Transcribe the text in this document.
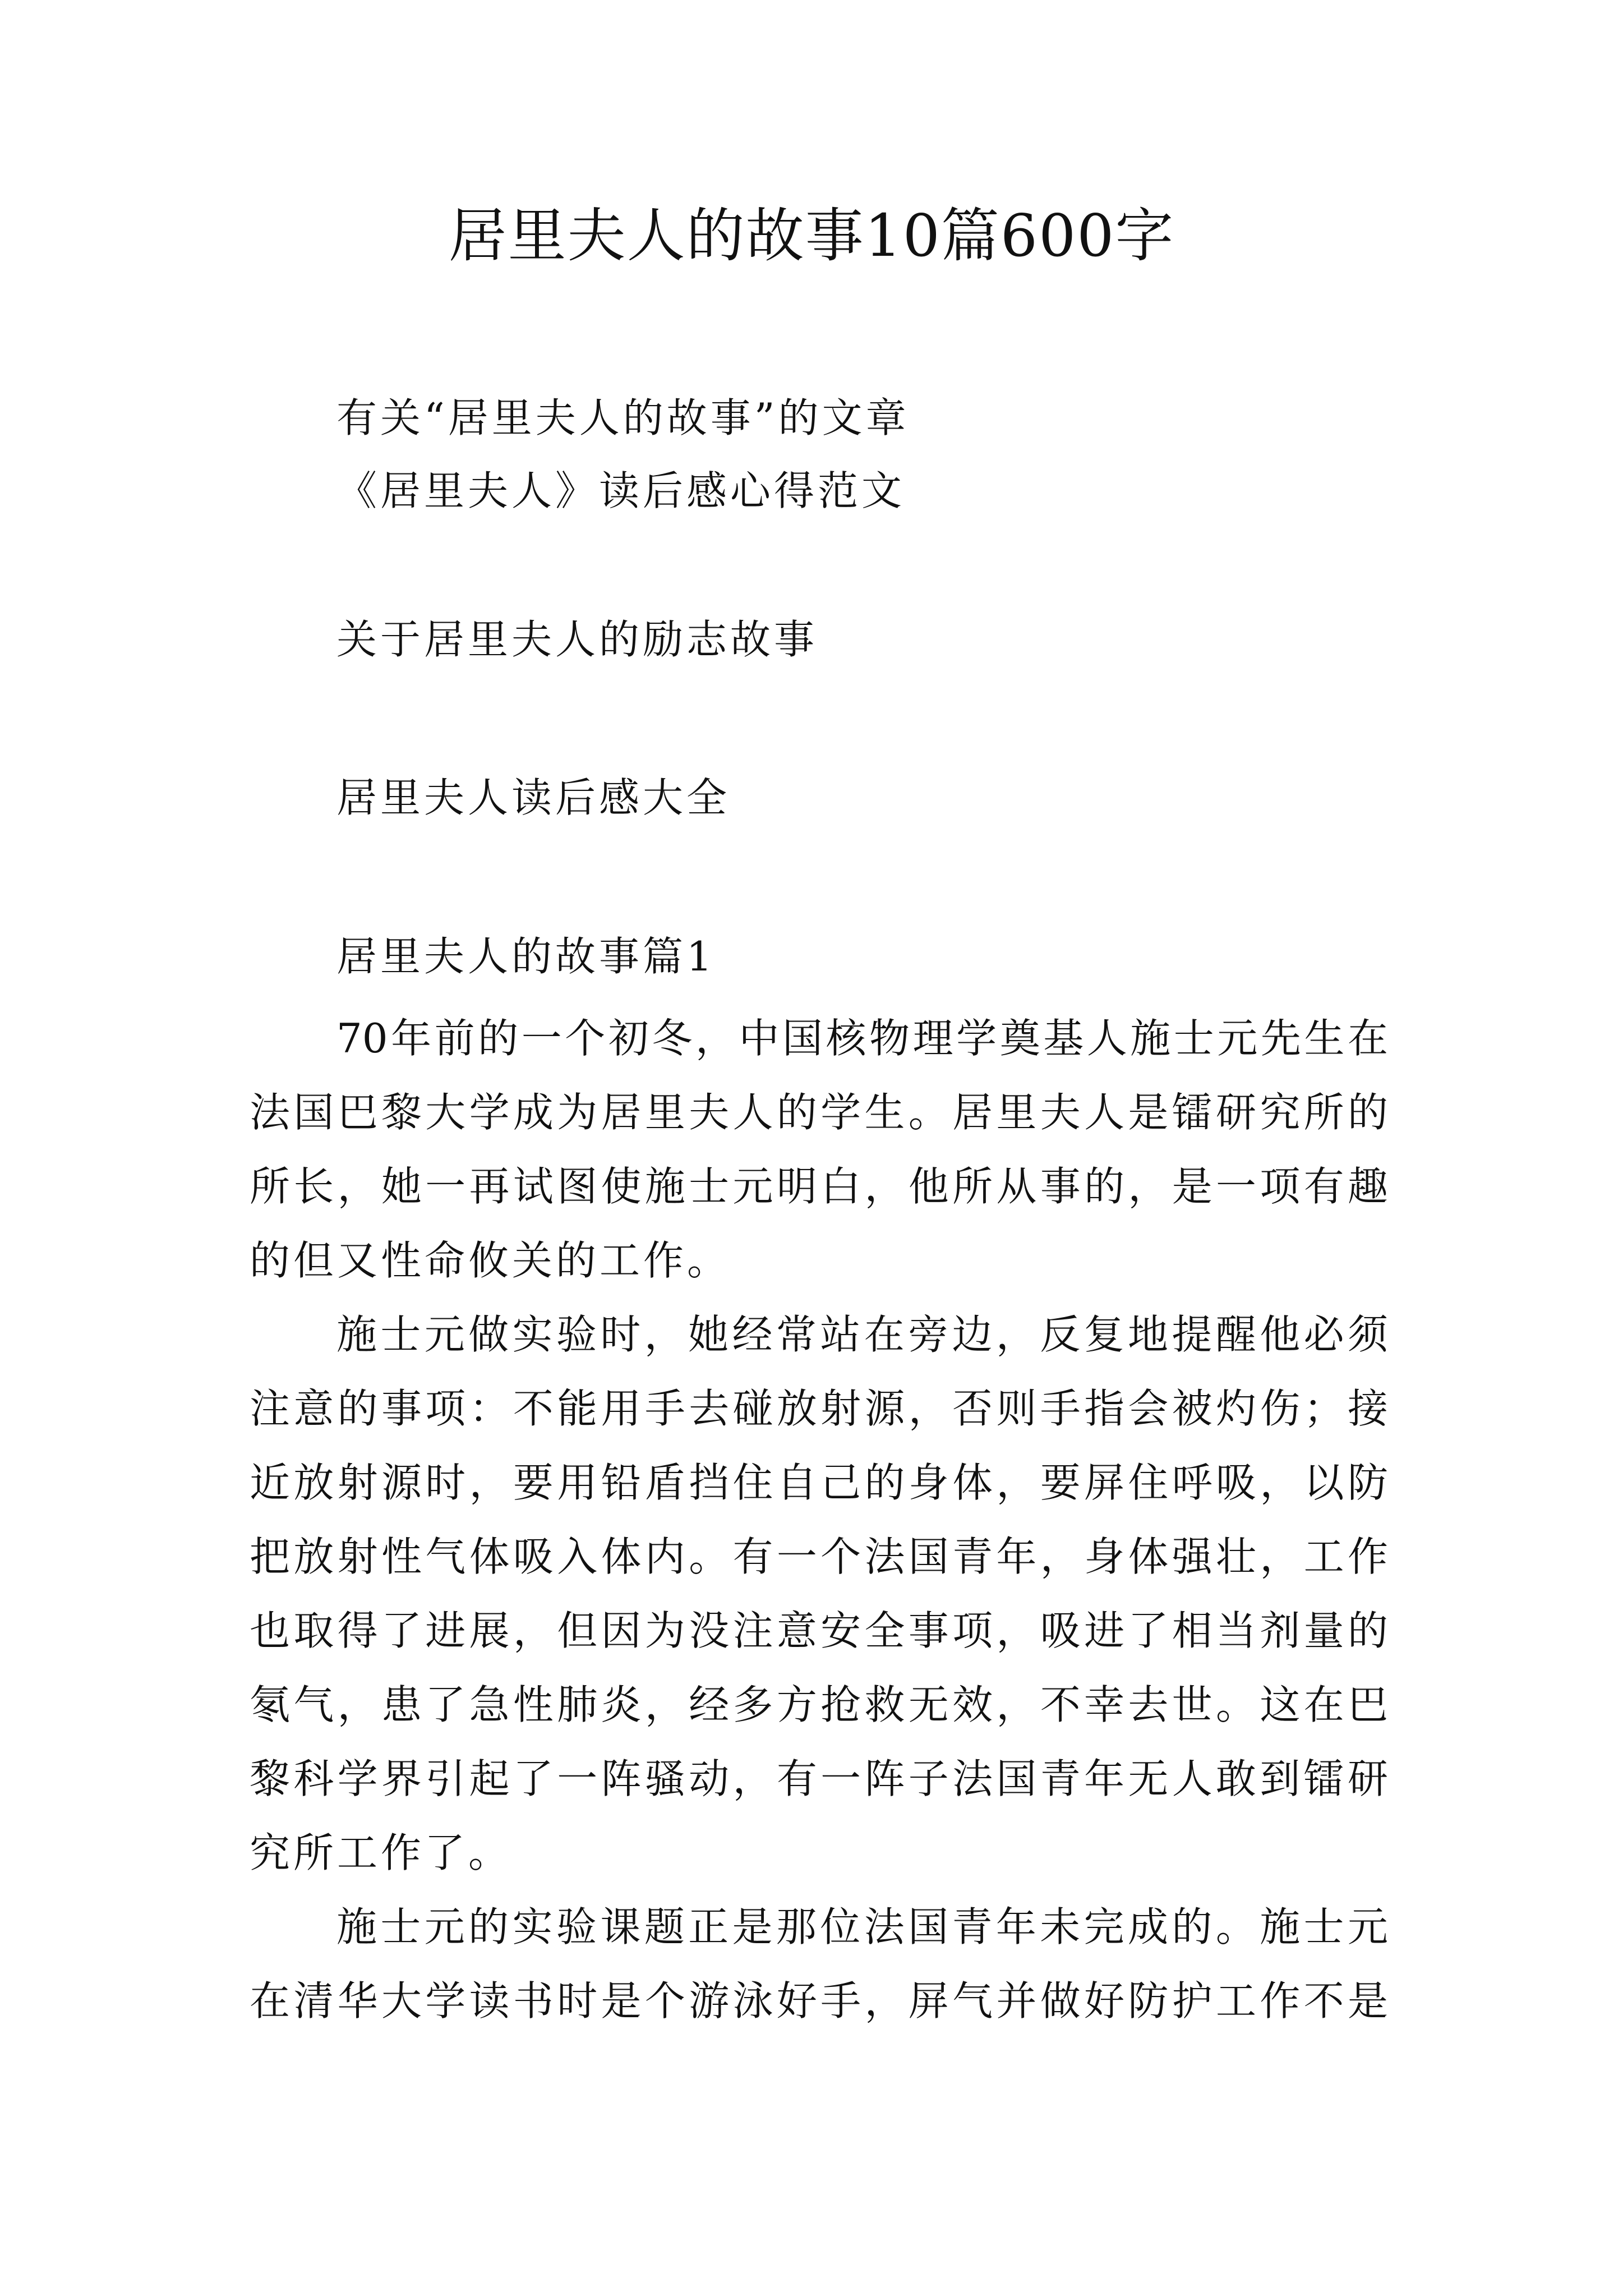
居里夫人的故事10篇600字
有关“居里夫人的故事”的文章
《居里夫人》读后感心得范文
关于居里夫人的励志故事
居里夫人读后感大全
居里夫人的故事篇1
70年前的一个初冬，中国核物理学奠基人施士元先生在
法国巴黎大学成为居里夫人的学生。居里夫人是镭研究所的
所长，她一再试图使施士元明白，他所从事的，是一项有趣
的但又性命攸关的工作。
施士元做实验时，她经常站在旁边，反复地提醒他必须
注意的事项：不能用手去碰放射源，否则手指会被灼伤；接
近放射源时，要用铅盾挡住自己的身体，要屏住呼吸，以防
把放射性气体吸入体内。有一个法国青年，身体强壮，工作
也取得了进展，但因为没注意安全事项，吸进了相当剂量的
氡气，患了急性肺炎，经多方抢救无效，不幸去世。这在巴
黎科学界引起了一阵骚动，有一阵子法国青年无人敢到镭研
究所工作了。
施士元的实验课题正是那位法国青年未完成的。施士元
在清华大学读书时是个游泳好手，屏气并做好防护工作不是
